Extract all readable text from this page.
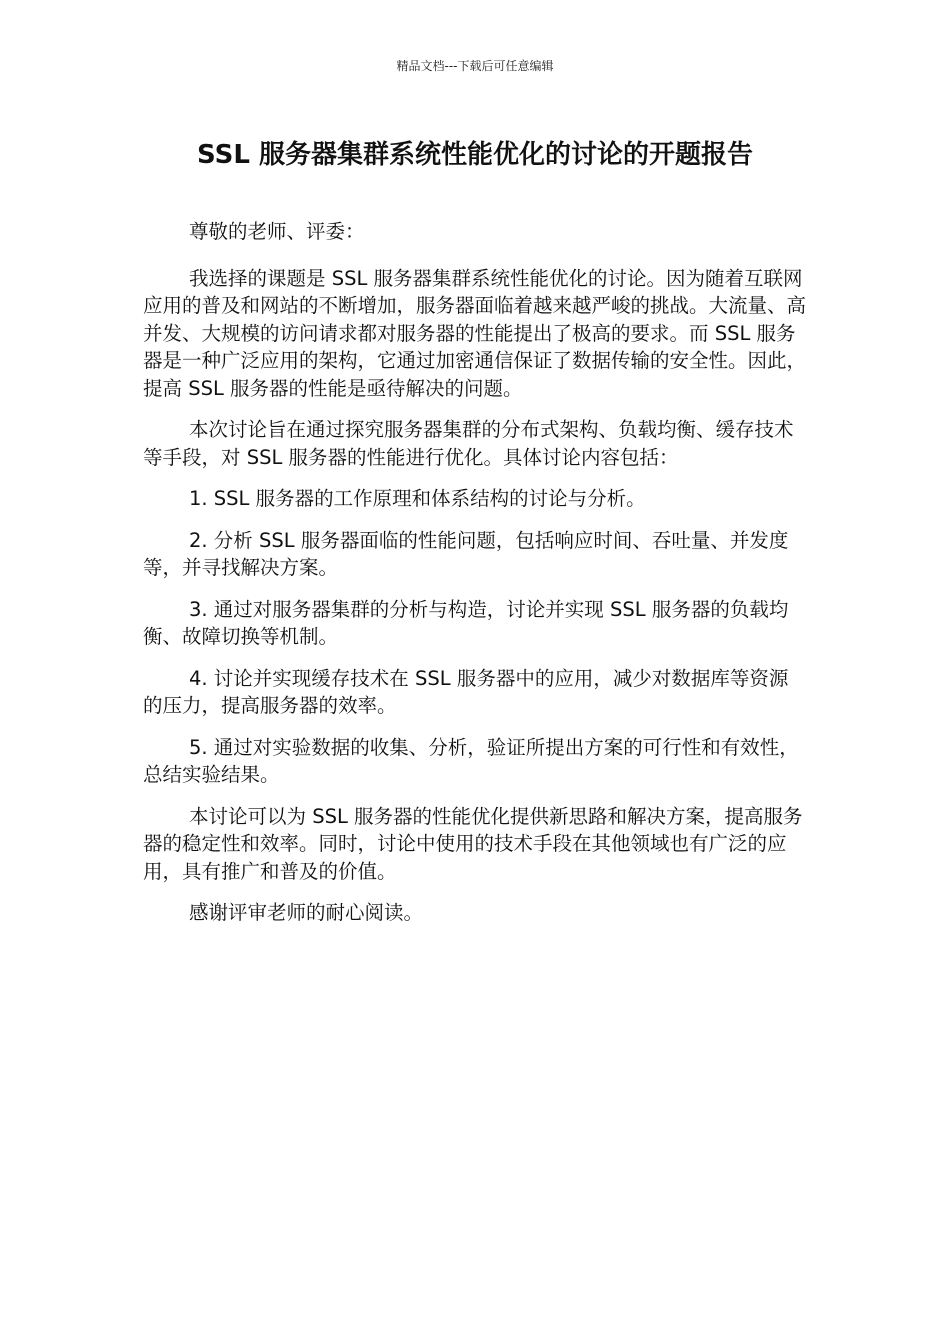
精品文档---下载后可任意编辑
SSL 服务器集群系统性能优化的讨论的开题报告

尊敬的老师、评委：

我选择的课题是 SSL 服务器集群系统性能优化的讨论。因为随着互联网应用的普及和网站的不断增加，服务器面临着越来越严峻的挑战。大流量、高并发、大规模的访问请求都对服务器的性能提出了极高的要求。而 SSL 服务器是一种广泛应用的架构，它通过加密通信保证了数据传输的安全性。因此，提高 SSL 服务器的性能是亟待解决的问题。

本次讨论旨在通过探究服务器集群的分布式架构、负载均衡、缓存技术等手段，对 SSL 服务器的性能进行优化。具体讨论内容包括：

1. SSL 服务器的工作原理和体系结构的讨论与分析。

2. 分析 SSL 服务器面临的性能问题，包括响应时间、吞吐量、并发度等，并寻找解决方案。

3. 通过对服务器集群的分析与构造，讨论并实现 SSL 服务器的负载均衡、故障切换等机制。

4. 讨论并实现缓存技术在 SSL 服务器中的应用，减少对数据库等资源的压力，提高服务器的效率。

5. 通过对实验数据的收集、分析，验证所提出方案的可行性和有效性，总结实验结果。

本讨论可以为 SSL 服务器的性能优化提供新思路和解决方案，提高服务器的稳定性和效率。同时，讨论中使用的技术手段在其他领域也有广泛的应用，具有推广和普及的价值。

感谢评审老师的耐心阅读。
